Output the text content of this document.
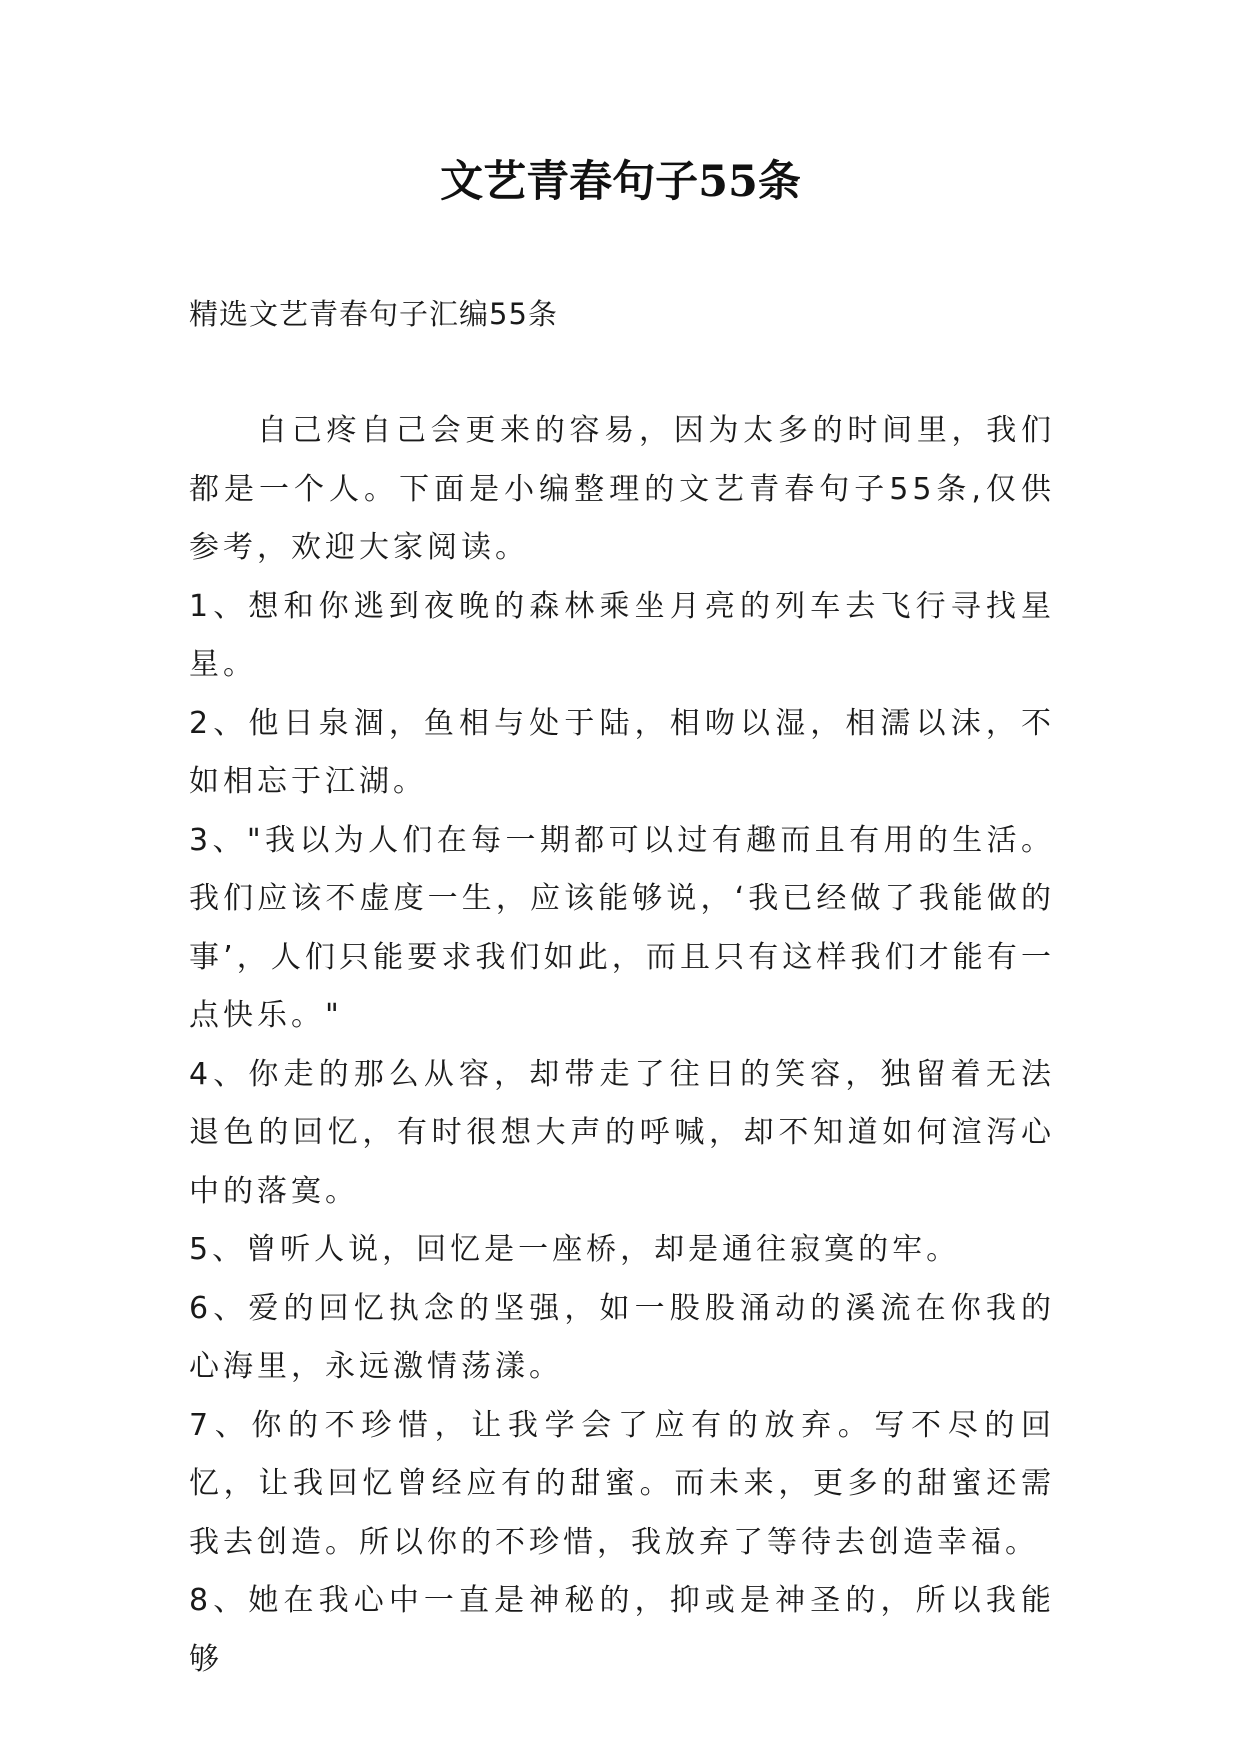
文艺青春句子55条

精选文艺青春句子汇编55条

自己疼自己会更来的容易，因为太多的时间里，我们都是一个人。下面是小编整理的文艺青春句子55条,仅供参考，欢迎大家阅读。

1、想和你逃到夜晚的森林乘坐月亮的列车去飞行寻找星星。

2、他日泉涸，鱼相与处于陆，相吻以湿，相濡以沫，不如相忘于江湖。

3、"我以为人们在每一期都可以过有趣而且有用的生活。我们应该不虚度一生，应该能够说，‘我已经做了我能做的事’，人们只能要求我们如此，而且只有这样我们才能有一点快乐。"

4、你走的那么从容，却带走了往日的笑容，独留着无法退色的回忆，有时很想大声的呼喊，却不知道如何渲泻心中的落寞。

5、曾听人说，回忆是一座桥，却是通往寂寞的牢。

6、爱的回忆执念的坚强，如一股股涌动的溪流在你我的心海里，永远激情荡漾。

7、你的不珍惜，让我学会了应有的放弃。写不尽的回忆，让我回忆曾经应有的甜蜜。而未来，更多的甜蜜还需我去创造。所以你的不珍惜，我放弃了等待去创造幸福。

8、她在我心中一直是神秘的，抑或是神圣的，所以我能够
